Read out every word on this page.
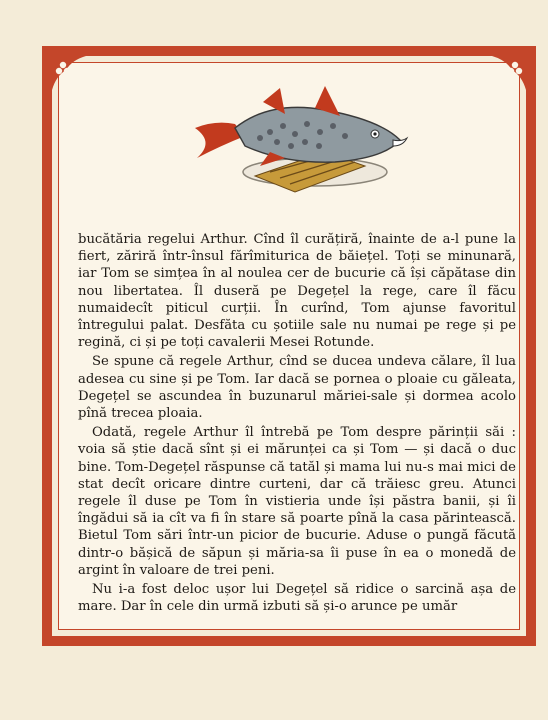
bucătăria regelui Arthur. Cînd îl curățiră, înainte de a-l pune la fiert, zăriră într-însul fărîmiturica de băiețel. Toți se minunară, iar Tom se simțea în al noulea cer de bucurie că își căpătase din nou libertatea. Îl duseră pe Degețel la rege, care îl făcu numaidecît piticul curții. În curînd, Tom ajunse favoritul întregului palat. Desfăta cu șotiile sale nu numai pe rege și pe regină, ci și pe toți cavalerii Mesei Rotunde.

Se spune că regele Arthur, cînd se ducea undeva călare, îl lua adesea cu sine și pe Tom. Iar dacă se pornea o ploaie cu găleata, Degețel se ascundea în buzunarul măriei-sale și dormea acolo pînă trecea ploaia.

Odată, regele Arthur îl întrebă pe Tom despre părinții săi : voia să știe dacă sînt și ei mărunței ca și Tom — și dacă o duc bine. Tom-Degețel răspunse că tatăl și mama lui nu-s mai mici de stat decît oricare dintre curteni, dar că trăiesc greu. Atunci regele îl duse pe Tom în vistieria unde își păstra banii, și îi îngădui să ia cît va fi în stare să poarte pînă la casa părintească. Bietul Tom sări într-un picior de bucurie. Aduse o pungă făcută dintr-o bășică de săpun și măria-sa îi puse în ea o monedă de argint în valoare de trei peni.

Nu i-a fost deloc ușor lui Degețel să ridice o sarcină așa de mare. Dar în cele din urmă izbuti să și-o arunce pe umăr
